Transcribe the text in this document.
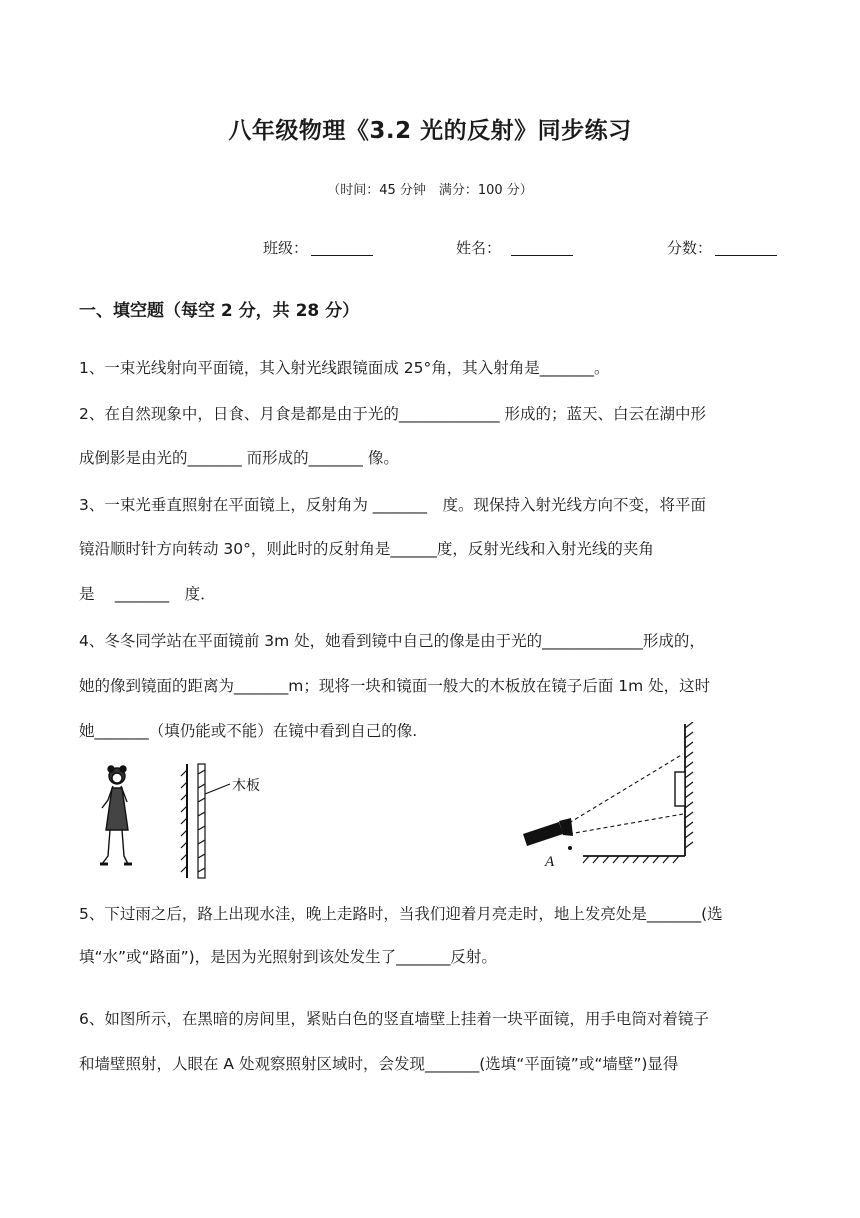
八年级物理《3.2 光的反射》同步练习
（时间：45 分钟　满分：100 分）
班级：	姓名：	分数：
一、填空题（每空 2 分，共 28 分）
1、一束光线射向平面镜，其入射光线跟镜面成 25°角，其入射角是_______。
2、在自然现象中，日食、月食是都是由于光的_____________ 形成的；蓝天、白云在湖中形
成倒影是由光的_______ 而形成的_______ 像。
3、一束光垂直照射在平面镜上，反射角为 _______　度。现保持入射光线方向不变，将平面
镜沿顺时针方向转动 30°，则此时的反射角是______度，反射光线和入射光线的夹角
是　 _______　度．
4、冬冬同学站在平面镜前 3m 处，她看到镜中自己的像是由于光的_____________形成的，
她的像到镜面的距离为_______m；现将一块和镜面一般大的木板放在镜子后面 1m 处，这时
她_______（填仍能或不能）在镜中看到自己的像.
木板
A
5、下过雨之后，路上出现水洼，晚上走路时，当我们迎着月亮走时，地上发亮处是_______(选
填“水”或“路面”)，是因为光照射到该处发生了_______反射。
6、如图所示，在黑暗的房间里，紧贴白色的竖直墙壁上挂着一块平面镜，用手电筒对着镜子
和墙壁照射，人眼在 A 处观察照射区域时，会发现_______(选填“平面镜”或“墙壁”)显得
